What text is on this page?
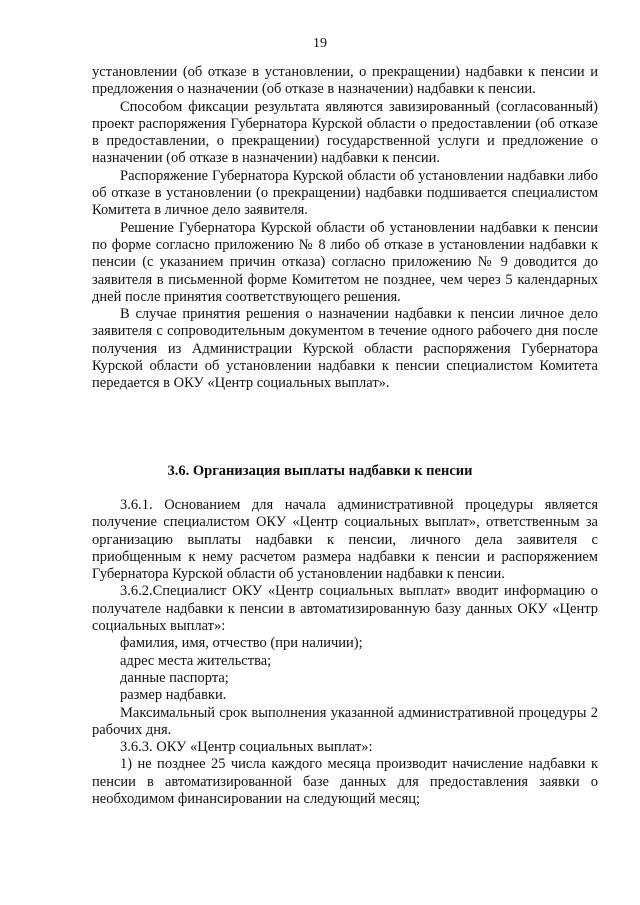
19

установлении (об отказе в установлении, о прекращении) надбавки к пенсии и предложения о назначении (об отказе в назначении) надбавки к пенсии.

Способом фиксации результата являются завизированный (согласованный) проект распоряжения Губернатора Курской области о предоставлении (об отказе в предоставлении, о прекращении) государственной услуги и предложение о назначении (об отказе в назначении) надбавки к пенсии.

Распоряжение Губернатора Курской области об установлении надбавки либо об отказе в установлении (о прекращении) надбавки подшивается специалистом Комитета в личное дело заявителя.

Решение Губернатора Курской области об установлении надбавки к пенсии по форме согласно приложению № 8 либо об отказе в установлении надбавки к пенсии (с указанием причин отказа) согласно приложению № 9 доводится до заявителя в письменной форме Комитетом не позднее, чем через 5 календарных дней после принятия соответствующего решения.

В случае принятия решения о назначении надбавки к пенсии личное дело заявителя с сопроводительным документом в течение одного рабочего дня после получения из Администрации Курской области распоряжения Губернатора Курской области об установлении надбавки к пенсии специалистом Комитета передается в ОКУ «Центр социальных выплат».

3.6. Организация выплаты надбавки к пенсии

3.6.1. Основанием для начала административной процедуры является получение специалистом ОКУ «Центр социальных выплат», ответственным за организацию выплаты надбавки к пенсии, личного дела заявителя с приобщенным к нему расчетом размера надбавки к пенсии и распоряжением Губернатора Курской области об установлении надбавки к пенсии.

3.6.2.Специалист ОКУ «Центр социальных выплат» вводит информацию о получателе надбавки к пенсии в автоматизированную базу данных ОКУ «Центр социальных выплат»:

фамилия, имя, отчество (при наличии);

адрес места жительства;

данные паспорта;

размер надбавки.

Максимальный срок выполнения указанной административной процедуры 2 рабочих дня.

3.6.3. ОКУ «Центр социальных выплат»:

1) не позднее 25 числа каждого месяца производит начисление надбавки к пенсии в автоматизированной базе данных для предоставления заявки о необходимом финансировании на следующий месяц;
